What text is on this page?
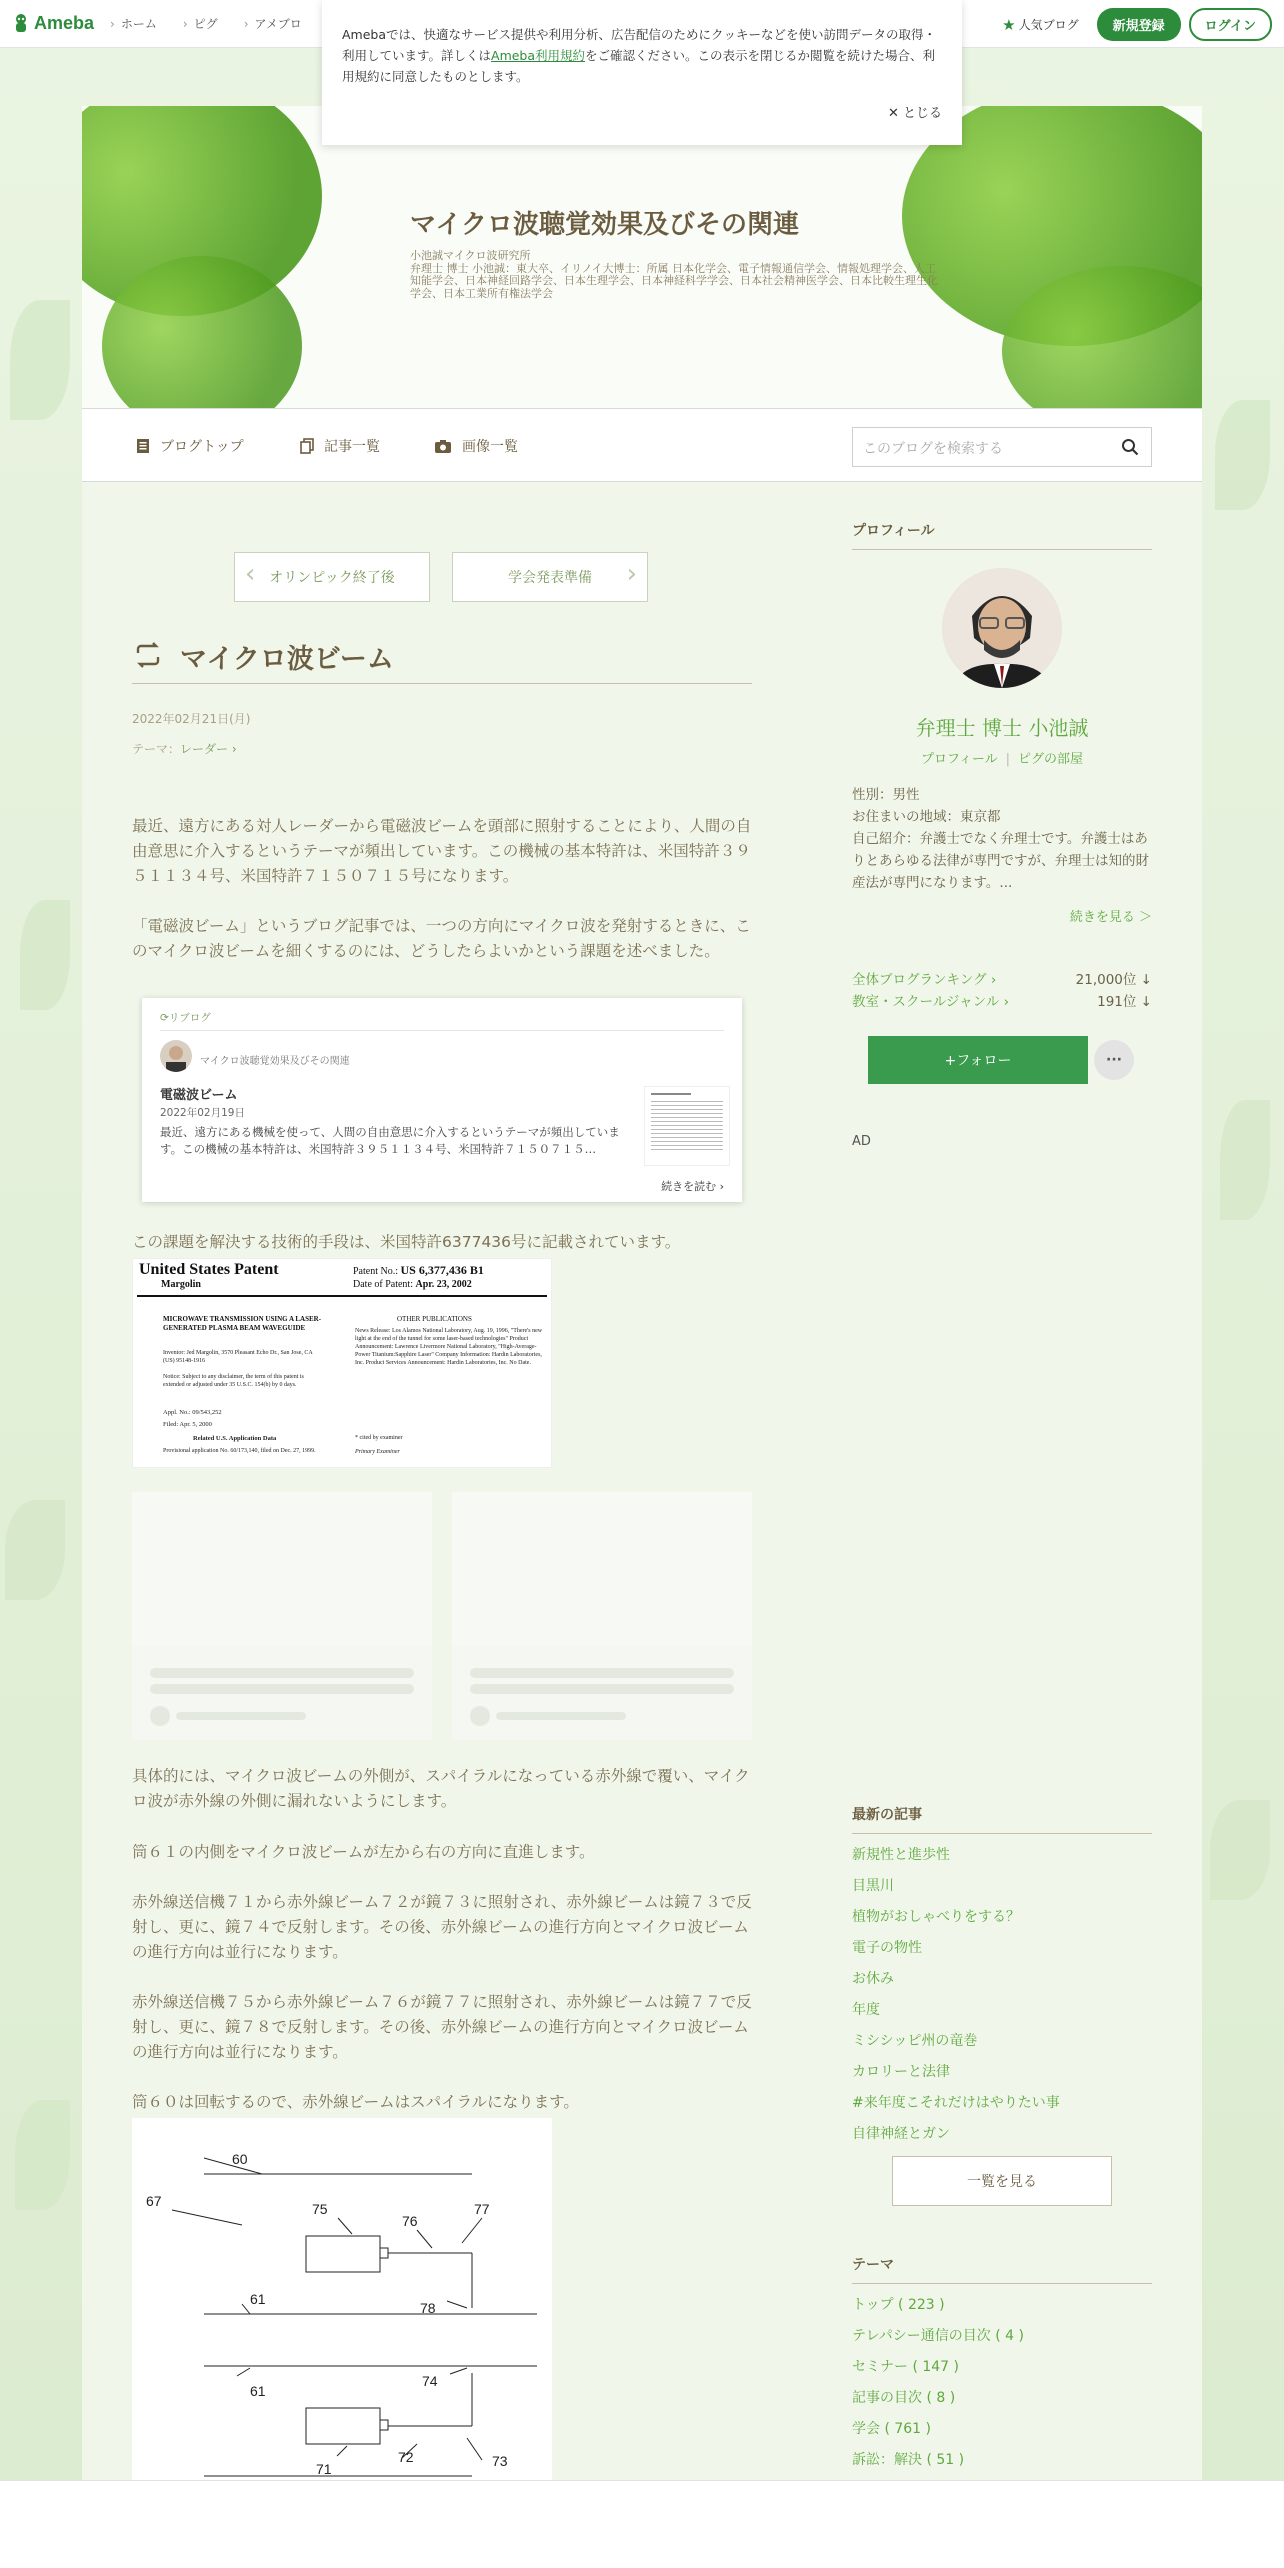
Ameba	› ホーム	› ピグ	› アメブロ	★ 人気ブログ	新規登録	ログイン
Amebaでは、快適なサービス提供や利用分析、広告配信のためにクッキーなどを使い訪問データの取得・利用しています。詳しくはAmeba利用規約をご確認ください。この表示を閉じるか閲覧を続けた場合、利用規約に同意したものとします。
✕ とじる
マイクロ波聴覚効果及びその関連
小池誠マイクロ波研究所
弁理士 博士 小池誠：東大卒、イリノイ大博士：所属 日本化学会、電子情報通信学会、情報処理学会、人工知能学会、日本神経回路学会、日本生理学会、日本神経科学学会、日本社会精神医学会、日本比較生理生化学会、日本工業所有権法学会
ブログトップ	記事一覧	画像一覧	このブログを検索する
‹ オリンピック終了後	学会発表準備 ›
マイクロ波ビーム
2022年02月21日(月)
テーマ：レーダー ›

最近、遠方にある対人レーダーから電磁波ビームを頭部に照射することにより、人間の自由意思に介入するというテーマが頻出しています。この機械の基本特許は、米国特許３９５１１３４号、米国特許７１５０７１５号になります。

「電磁波ビーム」というブログ記事では、一つの方向にマイクロ波を発射するときに、このマイクロ波ビームを細くするのには、どうしたらよいかという課題を述べました。

⟳リブログ
マイクロ波聴覚効果及びその関連
電磁波ビーム
2022年02月19日
最近、遠方にある機械を使って、人間の自由意思に介入するというテーマが頻出しています。この機械の基本特許は、米国特許３９５１１３４号、米国特許７１５０７１５…
続きを読む ›

この課題を解決する技術的手段は、米国特許6377436号に記載されています。

United States Patent
Margolin
Patent No.: US 6,377,436 B1
Date of Patent: Apr. 23, 2002
MICROWAVE TRANSMISSION USING A LASER-GENERATED PLASMA BEAM WAVEGUIDE
Inventor: Jed Margolin, 3570 Pleasant Echo Dr., San Jose, CA (US) 95148-1916
Notice: Subject to any disclaimer, the term of this patent is extended or adjusted under 35 U.S.C. 154(b) by 0 days.
Appl. No.: 09/543,252
Filed: Apr. 5, 2000
Related U.S. Application Data
Provisional application No. 60/173,140, filed on Dec. 27, 1999.
OTHER PUBLICATIONS
News Release: Los Alamos National Laboratory, Aug. 19, 1996, "There's new light at the end of the tunnel for some laser-based technologies" Product Announcement: Lawrence Livermore National Laboratory, "High-Average-Power Titanium:Sapphire Laser" Company Information: Hardin Laboratories, Inc. Product Services Announcement: Hardin Laboratories, Inc. No Date.
* cited by examiner
Primary Examiner

具体的には、マイクロ波ビームの外側が、スパイラルになっている赤外線で覆い、マイクロ波が赤外線の外側に漏れないようにします。

筒６１の内側をマイクロ波ビームが左から右の方向に直進します。

赤外線送信機７１から赤外線ビーム７２が鏡７３に照射され、赤外線ビームは鏡７３で反射し、更に、鏡７４で反射します。その後、赤外線ビームの進行方向とマイクロ波ビームの進行方向は並行になります。

赤外線送信機７５から赤外線ビーム７６が鏡７７に照射され、赤外線ビームは鏡７７で反射し、更に、鏡７８で反射します。その後、赤外線ビームの進行方向とマイクロ波ビームの進行方向は並行になります。

筒６０は回転するので、赤外線ビームはスパイラルになります。

60
67	75
76
77
61
78
74
61
72
71	73
プロフィール
弁理士 博士 小池誠
プロフィール | ピグの部屋
性別：男性
お住まいの地域：東京都
自己紹介：弁護士でなく弁理士です。弁護士はありとあらゆる法律が専門ですが、弁理士は知的財産法が専門になります。...
続きを見る ＞
全体ブログランキング ›	21,000位 ↓
教室・スクールジャンル ›	191位 ↓
+フォロー	···
AD
最新の記事
新規性と進歩性
目黒川
植物がおしゃべりをする？
電子の物性
お休み
年度
ミシシッピ州の竜巻
カロリーと法律
#来年度こそれだけはやりたい事
自律神経とガン
一覧を見る
テーマ
トップ ( 223 )
テレパシー通信の目次 ( 4 )
セミナー ( 147 )
記事の目次 ( 8 )
学会 ( 761 )
訴訟：解決 ( 51 )
